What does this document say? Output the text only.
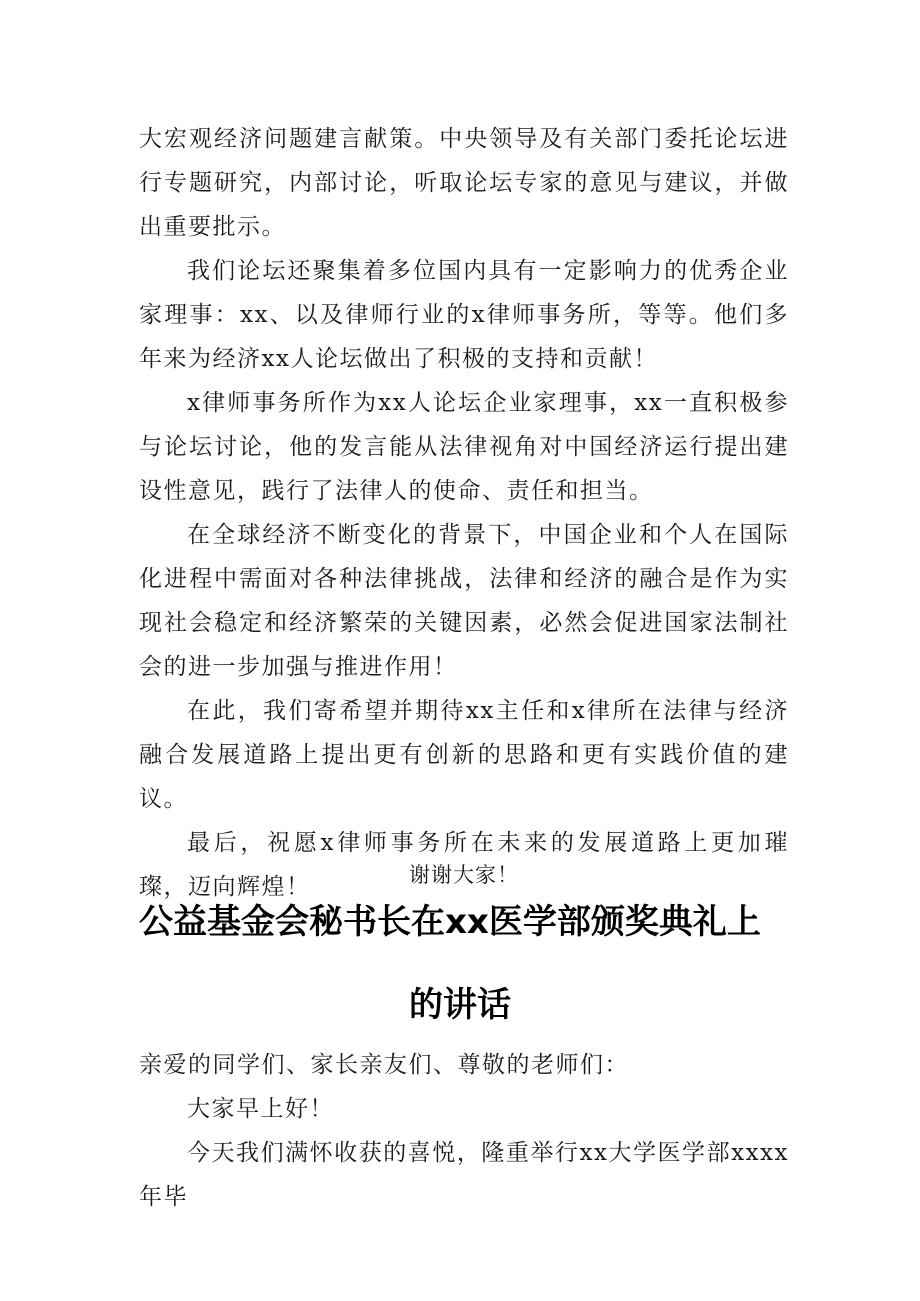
大宏观经济问题建言献策。中央领导及有关部门委托论坛进行专题研究，内部讨论，听取论坛专家的意见与建议，并做出重要批示。

我们论坛还聚集着多位国内具有一定影响力的优秀企业家理事：xx、以及律师行业的x律师事务所，等等。他们多年来为经济xx人论坛做出了积极的支持和贡献！

x律师事务所作为xx人论坛企业家理事，xx一直积极参与论坛讨论，他的发言能从法律视角对中国经济运行提出建设性意见，践行了法律人的使命、责任和担当。

在全球经济不断变化的背景下，中国企业和个人在国际化进程中需面对各种法律挑战，法律和经济的融合是作为实现社会稳定和经济繁荣的关键因素，必然会促进国家法制社会的进一步加强与推进作用！

在此，我们寄希望并期待xx主任和x律所在法律与经济融合发展道路上提出更有创新的思路和更有实践价值的建议。

最后，祝愿x律师事务所在未来的发展道路上更加璀璨，迈向辉煌！	谢谢大家！
公益基金会秘书长在xx医学部颁奖典礼上
的讲话

亲爱的同学们、家长亲友们、尊敬的老师们：

大家早上好！

今天我们满怀收获的喜悦，隆重举行xx大学医学部xxxx年毕
